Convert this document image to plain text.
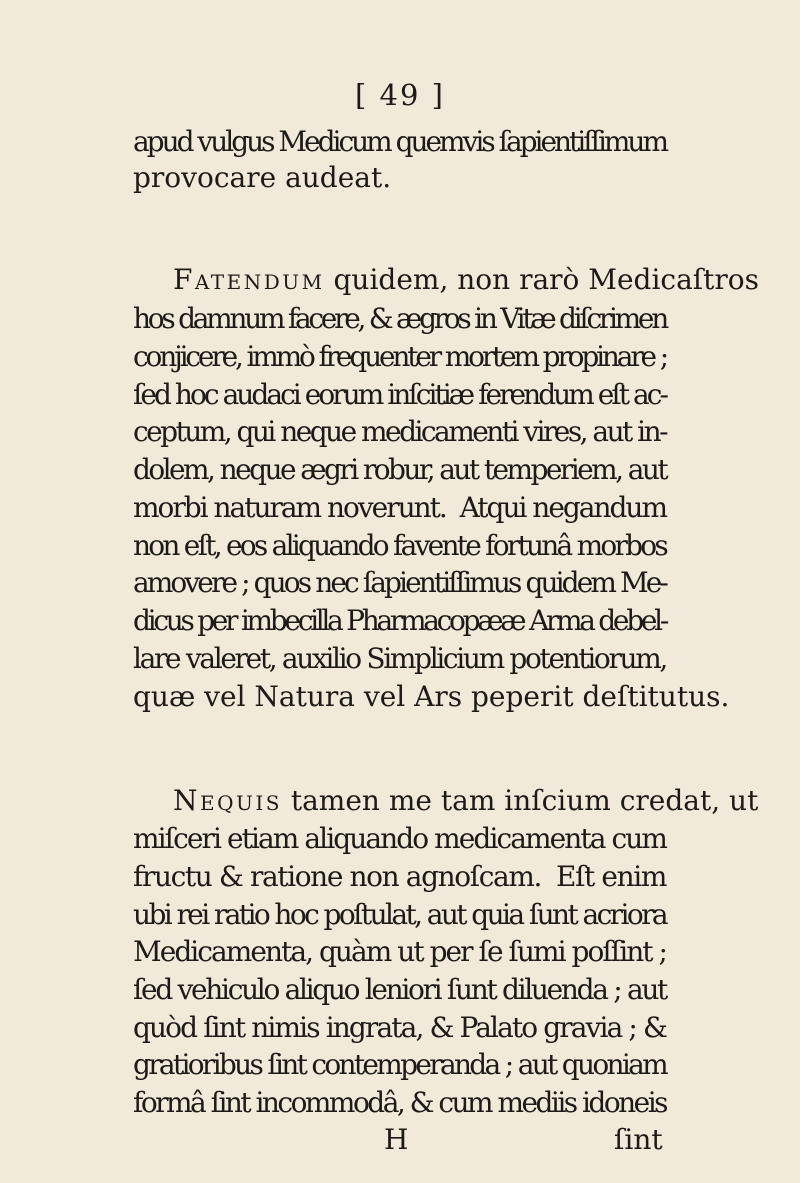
[ 49 ]
apud vulgus Medicum quemvis ſapientiſſimum
provocare audeat.
Fatendum quidem, non rarò Medicaſtros
hos damnum facere, & ægros in Vitæ diſcrimen
conjicere, immò frequenter mortem propinare ;
ſed hoc audaci eorum inſcitiæ ferendum eſt ac-
ceptum, qui neque medicamenti vires, aut in-
dolem, neque ægri robur, aut temperiem, aut
morbi naturam noverunt.  Atqui negandum
non eſt, eos aliquando favente fortunâ morbos
amovere ; quos nec ſapientiſſimus quidem Me-
dicus per imbecilla Pharmacopææ Arma debel-
lare valeret, auxilio Simplicium potentiorum,
quæ vel Natura vel Ars peperit deſtitutus.
Nequis tamen me tam inſcium credat, ut
miſceri etiam aliquando medicamenta cum
fructu & ratione non agnoſcam.  Eſt enim
ubi rei ratio hoc poſtulat, aut quia ſunt acriora
Medicamenta, quàm ut per ſe ſumi poſſint ;
ſed vehiculo aliquo leniori ſunt diluenda ; aut
quòd ſint nimis ingrata, & Palato gravia ; &
gratioribus ſint contemperanda ; aut quoniam
formâ ſint incommodâ, & cum mediis idoneis
H	ſint
